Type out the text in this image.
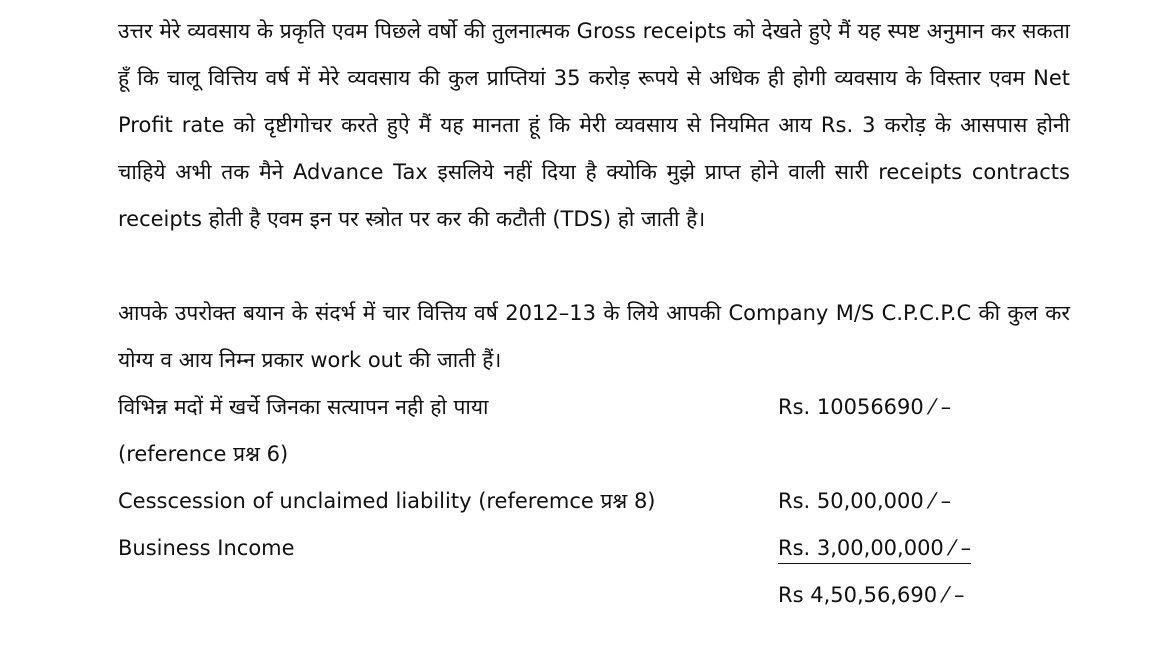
उत्तर मेरे व्यवसाय के प्रकृति एवम पिछले वर्षो की तुलनात्मक Gross receipts को देखते हुऐ मैं यह स्पष्ट अनुमान कर सकता हूँ कि चालू वित्तिय वर्ष में मेरे व्यवसाय की कुल प्राप्तियां 35 करोड़ रूपये से अधिक ही होगी व्यवसाय के विस्तार एवम Net Profit rate को दृष्टीगोचर करते हुऐ मैं यह मानता हूं कि मेरी व्यवसाय से नियमित आय Rs. 3 करोड़ के आसपास होनी चाहिये अभी तक मैने Advance Tax इसलिये नहीं दिया है क्योकि मुझे प्राप्त होने वाली सारी receipts contracts receipts होती है एवम इन पर स्त्रोत पर कर की कटौती (TDS) हो जाती है।

आपके उपरोक्त बयान के संदर्भ में चार वित्तिय वर्ष 2012–13 के लिये आपकी Company M/S C.P.C.P.C की कुल कर योग्य व आय निम्न प्रकार work out की जाती हैं।

विभिन्न मदों में खर्चे जिनका सत्यापन नही हो पाया	Rs. 10056690 ⁄ –
(reference प्रश्न 6)
Cesscession of unclaimed liability (referemce प्रश्न 8)	Rs. 50,00,000 ⁄ –
Business Income	Rs. 3,00,00,000 ⁄ –
Rs 4,50,56,690 ⁄ –
